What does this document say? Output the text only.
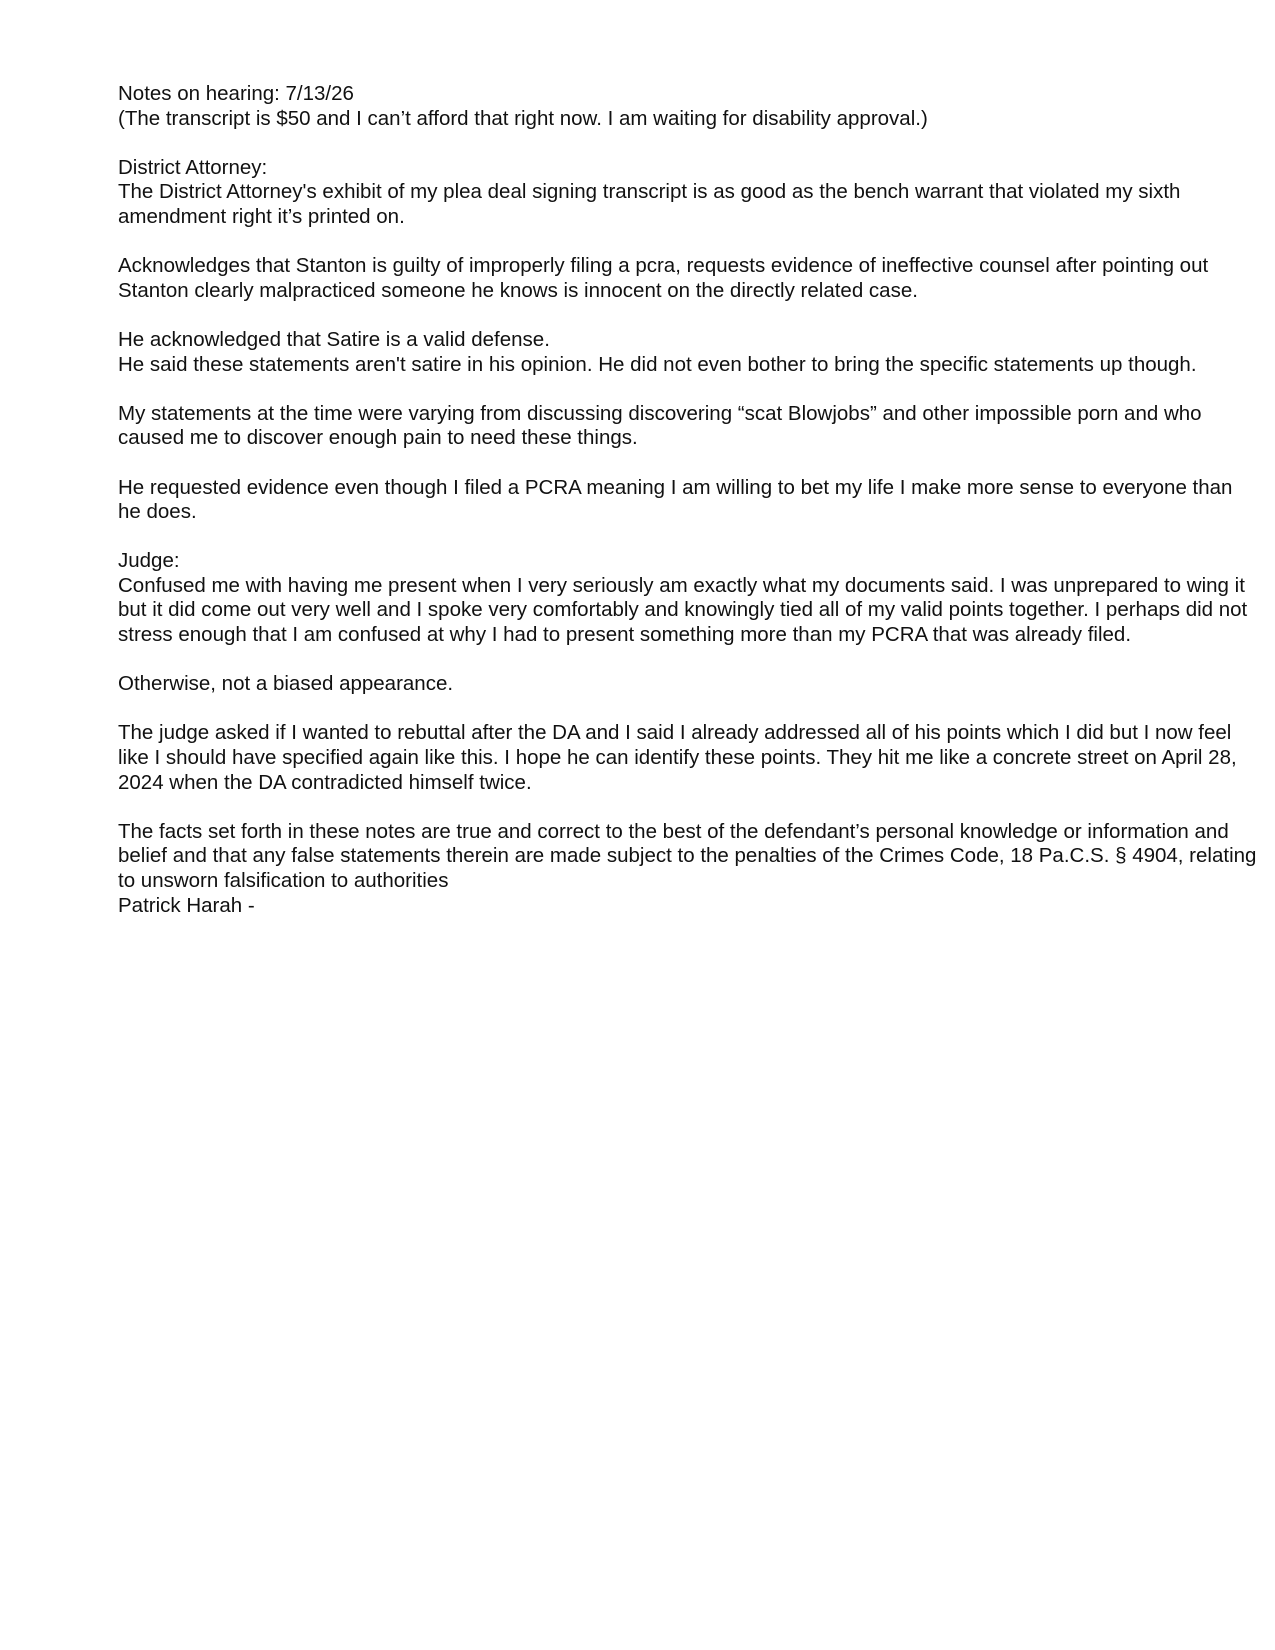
Notes on hearing: 7/13/26

(The transcript is $50 and I can’t afford that right now. I am waiting for disability approval.)

District Attorney:

The District Attorney's exhibit of my plea deal signing transcript is as good as the bench warrant that violated my sixth amendment right it’s printed on.

Acknowledges that Stanton is guilty of improperly filing a pcra, requests evidence of ineffective counsel after pointing out Stanton clearly malpracticed someone he knows is innocent on the directly related case.

He acknowledged that Satire is a valid defense.

He said these statements aren't satire in his opinion. He did not even bother to bring the specific statements up though.

My statements at the time were varying from discussing discovering “scat Blowjobs” and other impossible porn and who caused me to discover enough pain to need these things.

He requested evidence even though I filed a PCRA meaning I am willing to bet my life I make more sense to everyone than he does.

Judge:

Confused me with having me present when I very seriously am exactly what my documents said. I was unprepared to wing it but it did come out very well and I spoke very comfortably and knowingly tied all of my valid points together. I perhaps did not stress enough that I am confused at why I had to present something more than my PCRA that was already filed.

Otherwise, not a biased appearance.

The judge asked if I wanted to rebuttal after the DA and I said I already addressed all of his points which I did but I now feel like I should have specified again like this. I hope he can identify these points. They hit me like a concrete street on April 28, 2024 when the DA contradicted himself twice.

The facts set forth in these notes are true and correct to the best of the defendant’s personal knowledge or information and belief and that any false statements therein are made subject to the penalties of the Crimes Code, 18 Pa.C.S. § 4904, relating to unsworn falsification to authorities

Patrick Harah -
